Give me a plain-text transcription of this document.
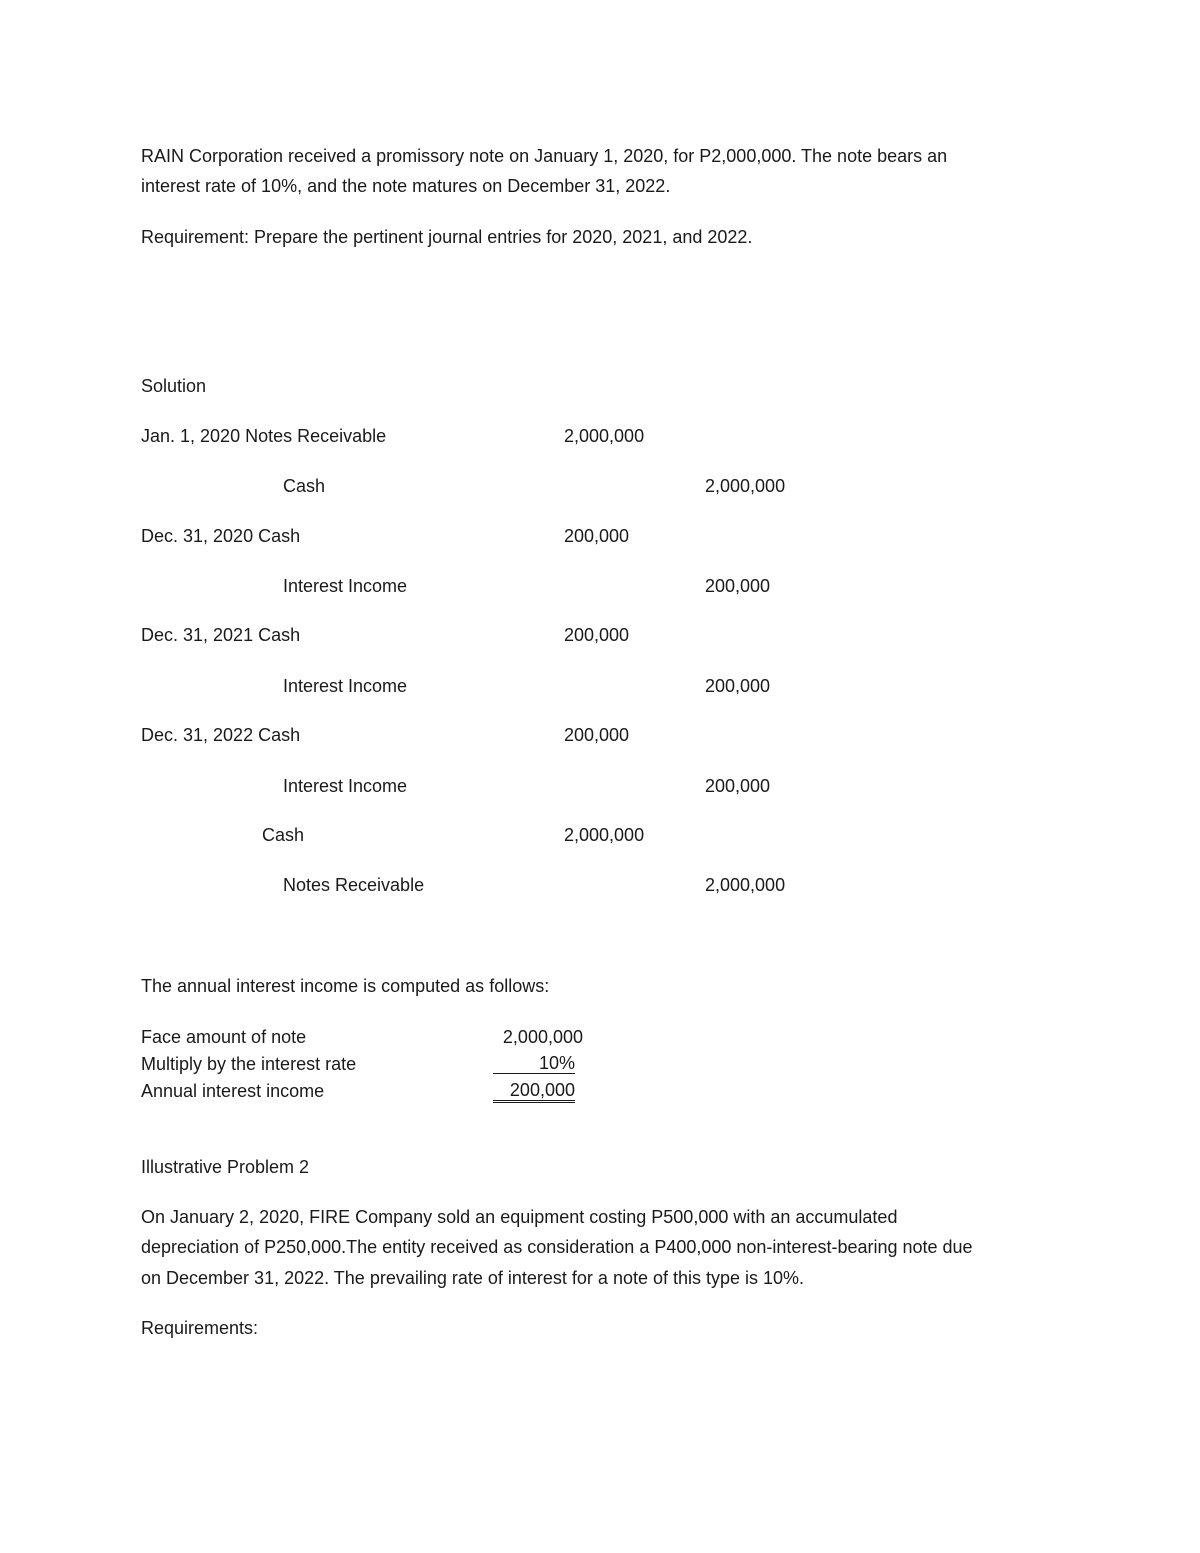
RAIN Corporation received a promissory note on January 1, 2020, for P2,000,000. The note bears an
interest rate of 10%, and the note matures on December 31, 2022.
Requirement: Prepare the pertinent journal entries for 2020, 2021, and 2022.
Solution
Jan. 1, 2020 Notes Receivable	2,000,000
Cash	2,000,000
Dec. 31, 2020 Cash	200,000
Interest Income	200,000
Dec. 31, 2021 Cash	200,000
Interest Income	200,000
Dec. 31, 2022 Cash	200,000
Interest Income	200,000
Cash	2,000,000
Notes Receivable	2,000,000
The annual interest income is computed as follows:
Face amount of note	2,000,000
Multiply by the interest rate	10%
Annual interest income	200,000
Illustrative Problem 2
On January 2, 2020, FIRE Company sold an equipment costing P500,000 with an accumulated
depreciation of P250,000.The entity received as consideration a P400,000 non-interest-bearing note due
on December 31, 2022. The prevailing rate of interest for a note of this type is 10%.
Requirements:
